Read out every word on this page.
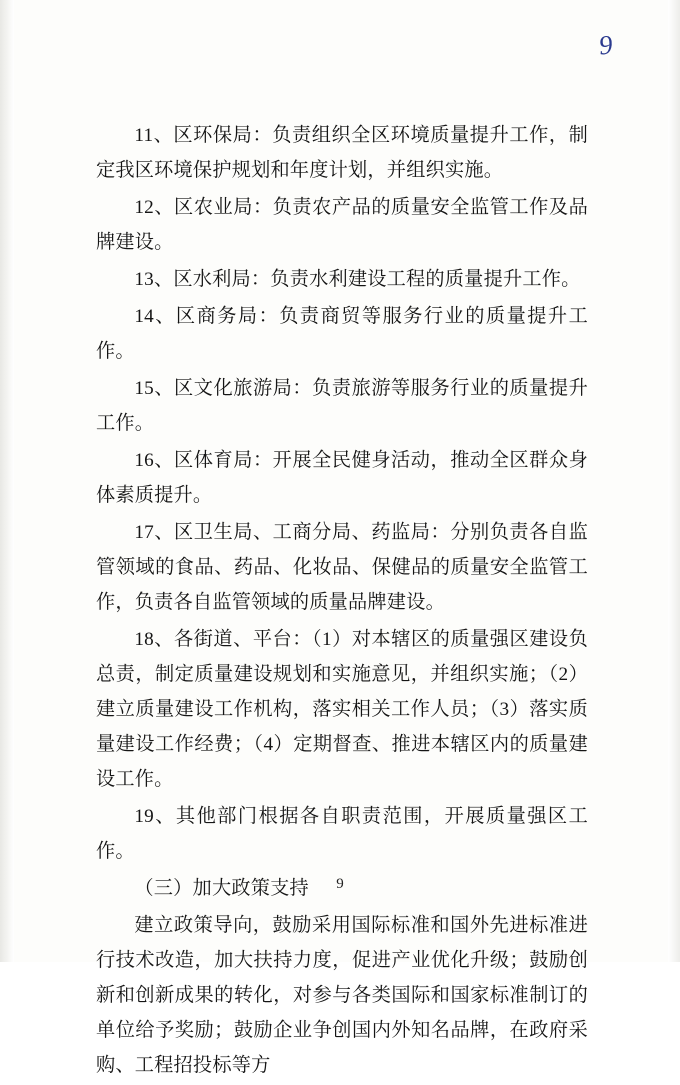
9

11、区环保局：负责组织全区环境质量提升工作，制定我区环境保护规划和年度计划，并组织实施。

12、区农业局：负责农产品的质量安全监管工作及品牌建设。

13、区水利局：负责水利建设工程的质量提升工作。

14、区商务局：负责商贸等服务行业的质量提升工作。

15、区文化旅游局：负责旅游等服务行业的质量提升工作。

16、区体育局：开展全民健身活动，推动全区群众身体素质提升。

17、区卫生局、工商分局、药监局：分别负责各自监管领域的食品、药品、化妆品、保健品的质量安全监管工作，负责各自监管领域的质量品牌建设。

18、各街道、平台：（1）对本辖区的质量强区建设负总责，制定质量建设规划和实施意见，并组织实施；（2）建立质量建设工作机构，落实相关工作人员；（3）落实质量建设工作经费；（4）定期督查、推进本辖区内的质量建设工作。

19、其他部门根据各自职责范围，开展质量强区工作。

（三）加大政策支持

建立政策导向，鼓励采用国际标准和国外先进标准进行技术改造，加大扶持力度，促进产业优化升级；鼓励创新和创新成果的转化，对参与各类国际和国家标准制订的单位给予奖励；鼓励企业争创国内外知名品牌，在政府采购、工程招投标等方

9
